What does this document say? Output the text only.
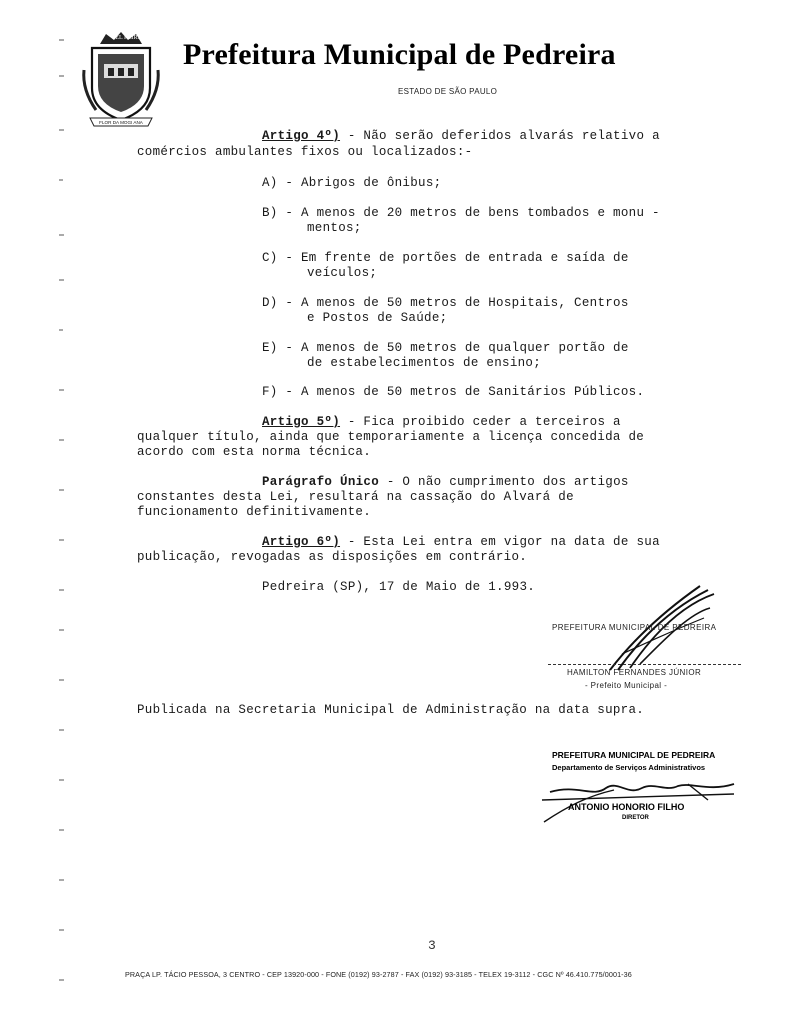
PEL REIRA
FLOR DA MOGI ANA
Prefeitura Municipal de Pedreira
ESTADO DE SÃO PAULO
Artigo 4º) - Não serão deferidos alvarás relativo a
comércios ambulantes fixos ou localizados:-
A) - Abrigos de ônibus;
B) - A menos de 20 metros de bens tombados e monu -
mentos;
C) - Em frente de portões de entrada e saída de
veículos;
D) - A menos de 50 metros de Hospitais, Centros
e Postos de Saúde;
E) - A menos de 50 metros de qualquer portão de
de estabelecimentos de ensino;
F) - A menos de 50 metros de Sanitários Públicos.
Artigo 5º) - Fica proibido ceder a terceiros a
qualquer título, ainda que temporariamente a licença concedida de
acordo com esta norma técnica.
Parágrafo Único - O não cumprimento dos artigos
constantes desta Lei, resultará na cassação do Alvará de
funcionamento definitivamente.
Artigo 6º) - Esta Lei entra em vigor na data de sua
publicação, revogadas as disposições em contrário.
Pedreira (SP), 17 de Maio de 1.993.
PREFEITURA MUNICIPAL DE PEDREIRA
HAMILTON FERNANDES JÚNIOR
- Prefeito Municipal -
Publicada na Secretaria Municipal de Administração na data supra.
PREFEITURA MUNICIPAL DE PEDREIRA
Departamento de Serviços Administrativos
ANTONIO HONORIO FILHO
DIRETOR
3
PRAÇA LP. TÁCIO PESSOA, 3 CENTRO - CEP 13920-000 - FONE (0192) 93-2787 - FAX (0192) 93-3185 - TELEX 19-3112 - CGC Nº 46.410.775/0001-36
